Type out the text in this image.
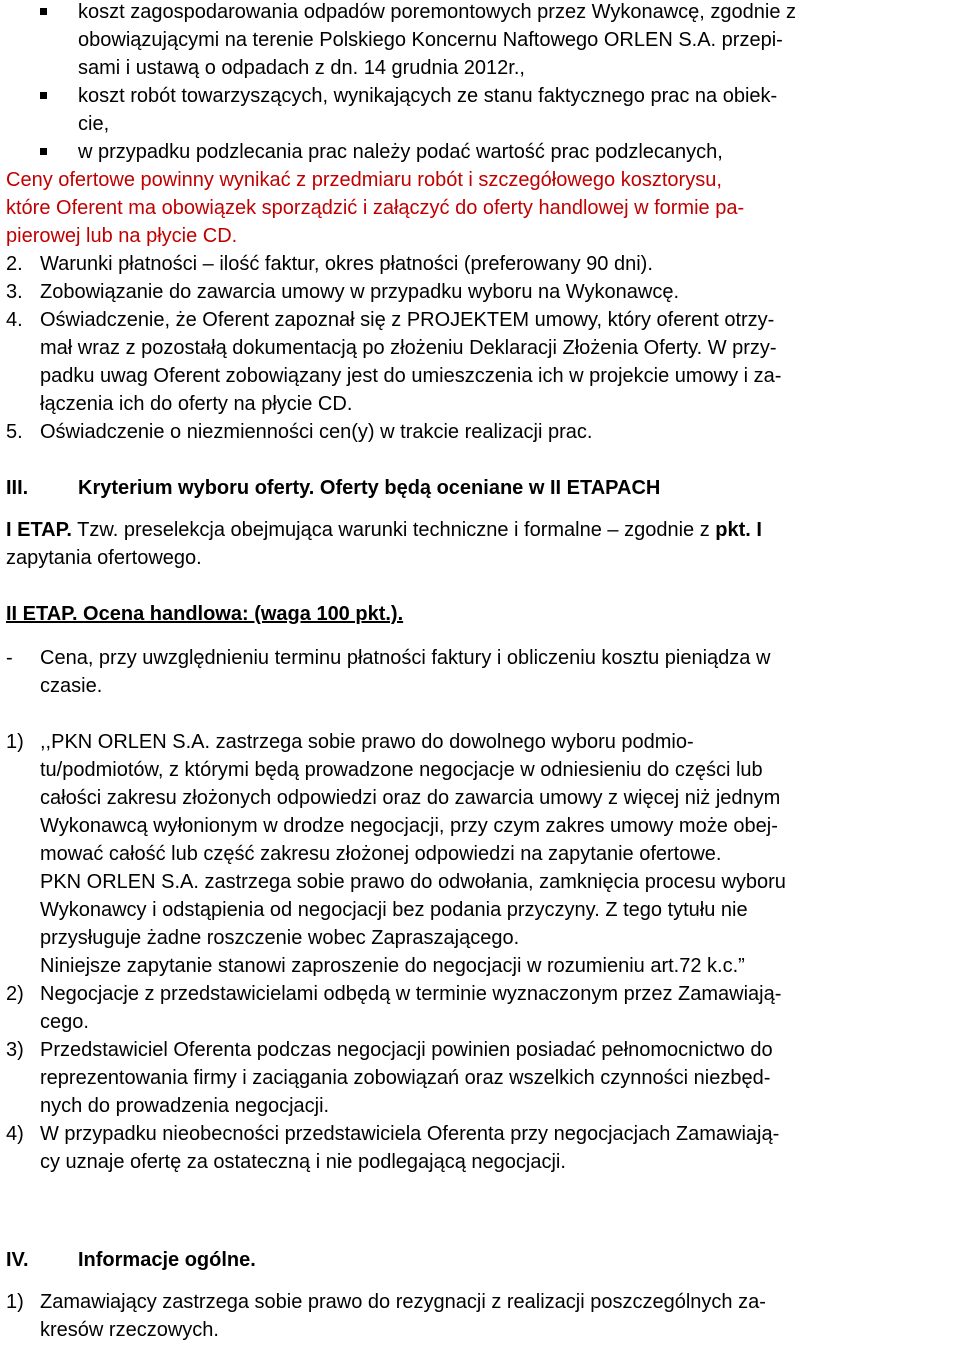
koszt zagospodarowania odpadów poremontowych przez Wykonawcę, zgodnie z
obowiązującymi na terenie Polskiego Koncernu Naftowego ORLEN S.A. przepi-
sami i ustawą o odpadach z dn. 14 grudnia 2012r.,
koszt robót towarzyszących, wynikających ze stanu faktycznego prac na obiek-
cie,
w przypadku podzlecania prac należy podać wartość prac podzlecanych,
Ceny ofertowe powinny wynikać z przedmiaru robót i szczegółowego kosztorysu,
które Oferent ma obowiązek sporządzić i załączyć do oferty handlowej w formie pa-
pierowej lub na płycie CD.
2. Warunki płatności – ilość faktur, okres płatności (preferowany 90 dni).
3. Zobowiązanie do zawarcia umowy w przypadku wyboru na Wykonawcę.
4. Oświadczenie, że Oferent zapoznał się z PROJEKTEM umowy, który oferent otrzy-
mał wraz z pozostałą dokumentacją po złożeniu Deklaracji Złożenia Oferty. W przy-
padku uwag Oferent zobowiązany jest do umieszczenia ich w projekcie umowy i za-
łączenia ich do oferty na płycie CD.
5. Oświadczenie o niezmienności cen(y) w trakcie realizacji prac.
III. Kryterium wyboru oferty. Oferty będą oceniane w II ETAPACH
I ETAP. Tzw. preselekcja obejmująca warunki techniczne i formalne – zgodnie z pkt. I
zapytania ofertowego.
II ETAP. Ocena handlowa: (waga 100 pkt.).
- Cena, przy uwzględnieniu terminu płatności faktury i obliczeniu kosztu pieniądza w
czasie.
1) ,,PKN ORLEN S.A. zastrzega sobie prawo do dowolnego wyboru podmio-
tu/podmiotów, z którymi będą prowadzone negocjacje w odniesieniu do części lub
całości zakresu złożonych odpowiedzi oraz do zawarcia umowy z więcej niż jednym
Wykonawcą wyłonionym w drodze negocjacji, przy czym zakres umowy może obej-
mować całość lub część zakresu złożonej odpowiedzi na zapytanie ofertowe.
PKN ORLEN S.A. zastrzega sobie prawo do odwołania, zamknięcia procesu wyboru
Wykonawcy i odstąpienia od negocjacji bez podania przyczyny. Z tego tytułu nie
przysługuje żadne roszczenie wobec Zapraszającego.
Niniejsze zapytanie stanowi zaproszenie do negocjacji w rozumieniu art.72 k.c.”
2) Negocjacje z przedstawicielami odbędą w terminie wyznaczonym przez Zamawiają-
cego.
3) Przedstawiciel Oferenta podczas negocjacji powinien posiadać pełnomocnictwo do
reprezentowania firmy i zaciągania zobowiązań oraz wszelkich czynności niezbęd-
nych do prowadzenia negocjacji.
4) W przypadku nieobecności przedstawiciela Oferenta przy negocjacjach Zamawiają-
cy uznaje ofertę za ostateczną i nie podlegającą negocjacji.
IV. Informacje ogólne.
1) Zamawiający zastrzega sobie prawo do rezygnacji z realizacji poszczególnych za-
kresów rzeczowych.
